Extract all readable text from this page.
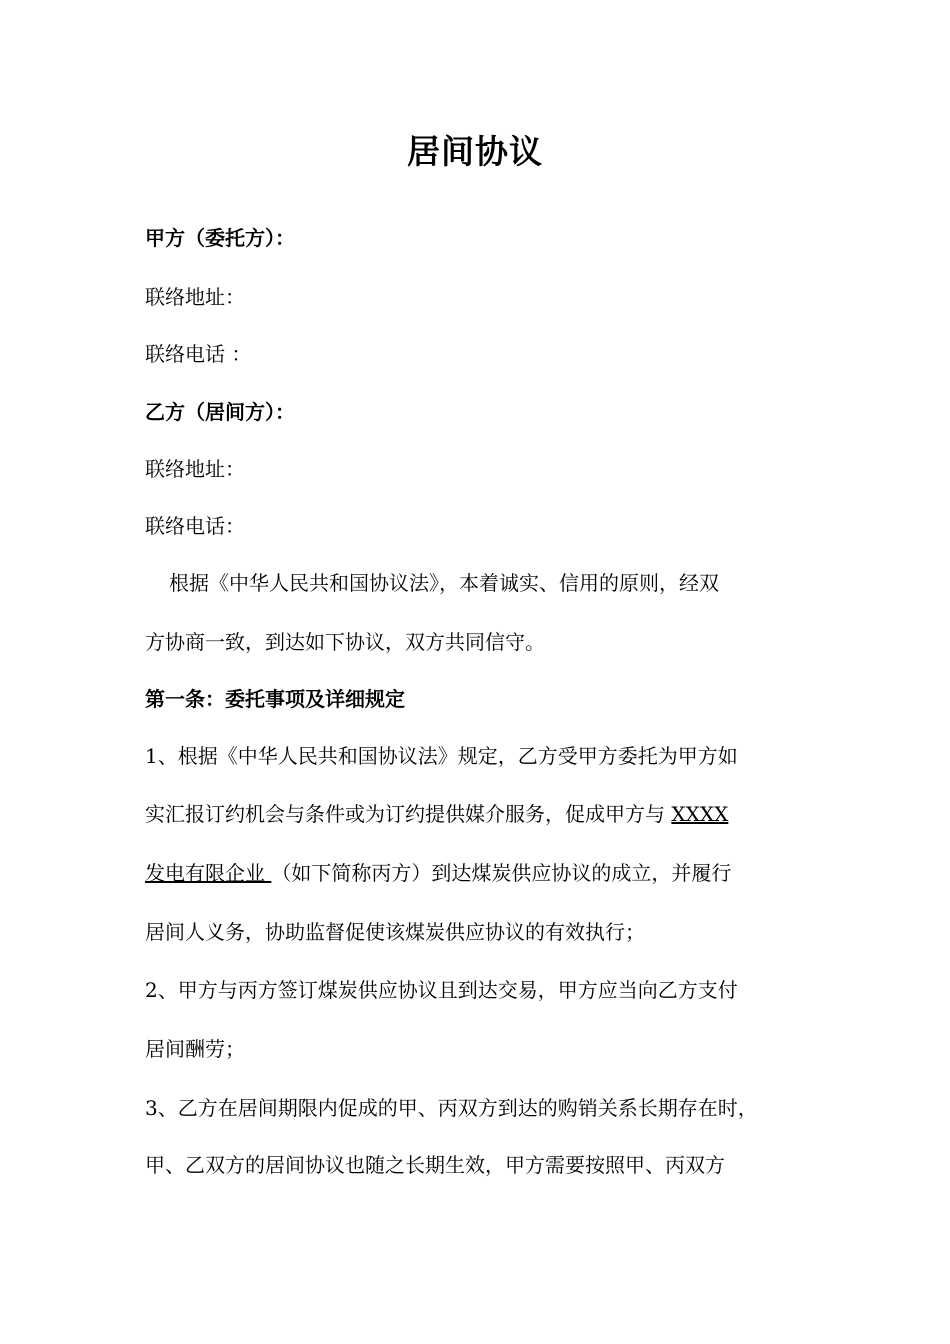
居间协议
甲方（委托方）：
联络地址：
联络电话 ：
乙方（居间方）：
联络地址：
联络电话：
根据《中华人民共和国协议法》，本着诚实、信用的原则，经双
方协商一致，到达如下协议，双方共同信守。
第一条：委托事项及详细规定
1、根据《中华人民共和国协议法》规定，乙方受甲方委托为甲方如
实汇报订约机会与条件或为订约提供媒介服务，促成甲方与 XXXX
发电有限企业 （如下简称丙方）到达煤炭供应协议的成立，并履行
居间人义务，协助监督促使该煤炭供应协议的有效执行；
2、甲方与丙方签订煤炭供应协议且到达交易，甲方应当向乙方支付
居间酬劳；
3、乙方在居间期限内促成的甲、丙双方到达的购销关系长期存在时，
甲、乙双方的居间协议也随之长期生效，甲方需要按照甲、丙双方
